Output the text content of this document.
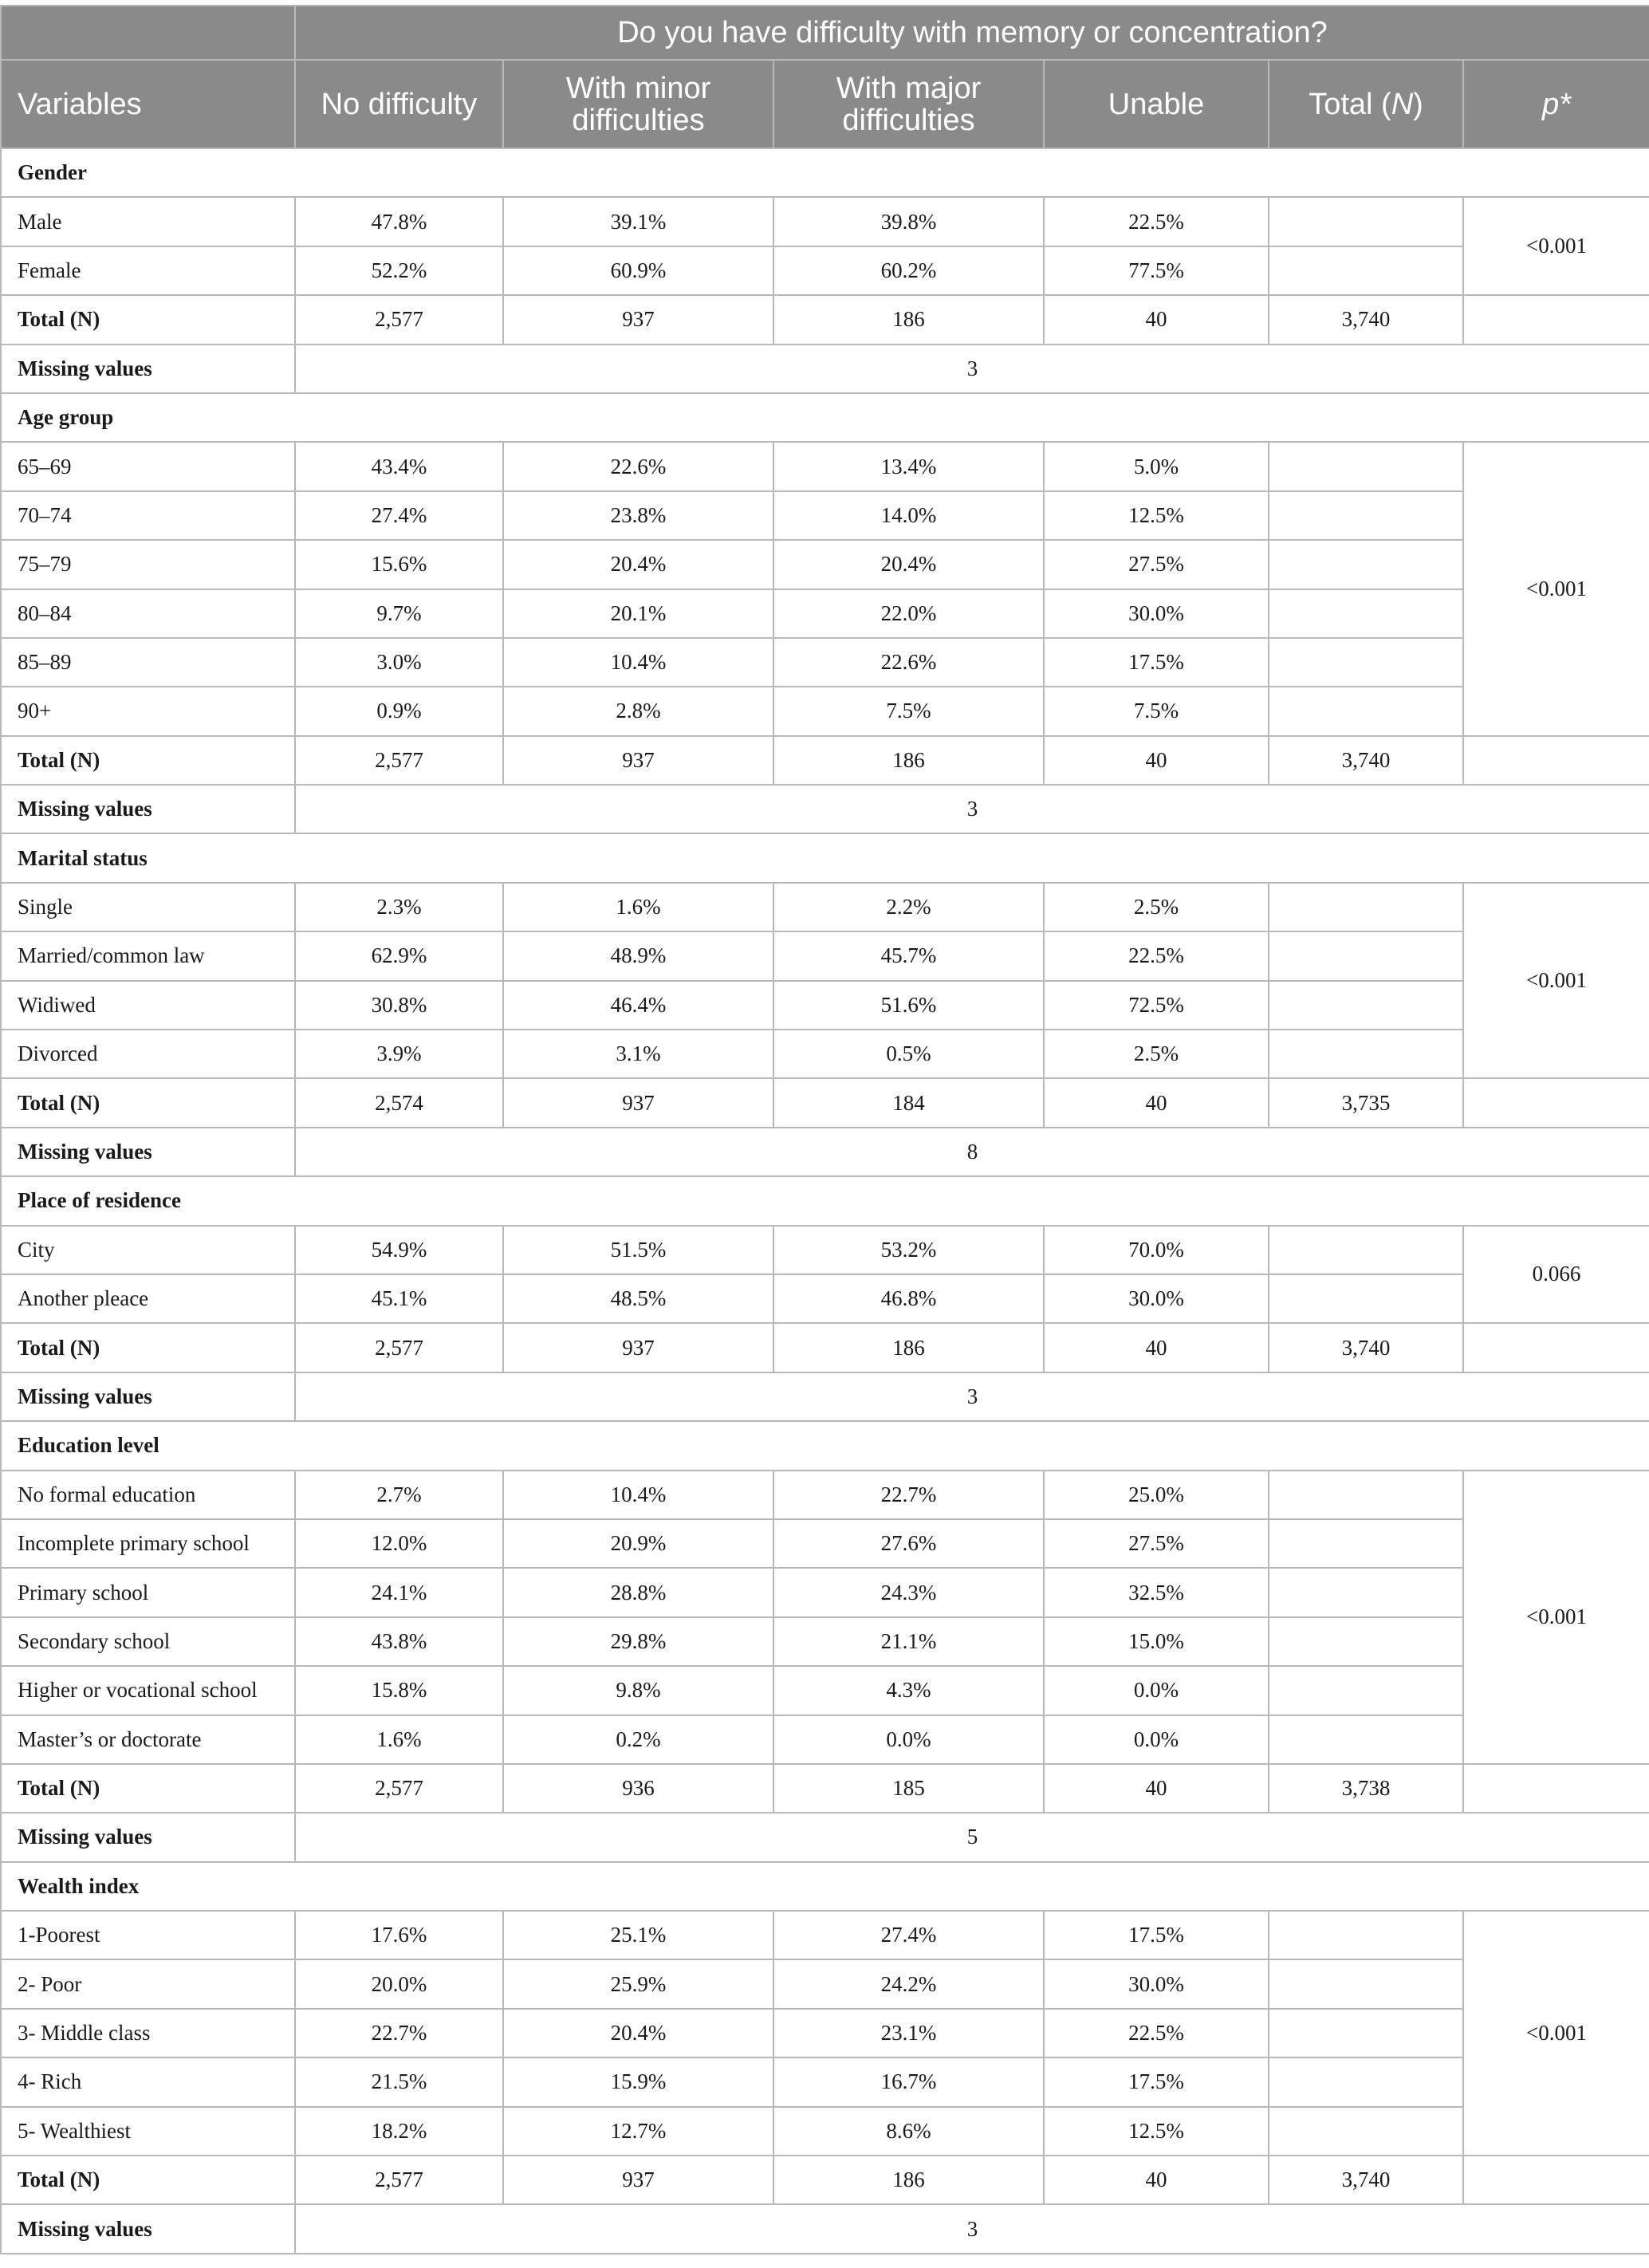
	Do you have difficulty with memory or concentration?					
Variables	No difficulty	With minor difficulties	With major difficulties	Unable	Total (N)	p*
Gender						
Male	47.8%	39.1%	39.8%	22.5%		<0.001
Female	52.2%	60.9%	60.2%	77.5%		
Total (N)	2,577	937	186	40	3,740	
Missing values	3					
Age group						
65–69	43.4%	22.6%	13.4%	5.0%		<0.001
70–74	27.4%	23.8%	14.0%	12.5%		
75–79	15.6%	20.4%	20.4%	27.5%		
80–84	9.7%	20.1%	22.0%	30.0%		
85–89	3.0%	10.4%	22.6%	17.5%		
90+	0.9%	2.8%	7.5%	7.5%		
Total (N)	2,577	937	186	40	3,740	
Missing values	3					
Marital status						
Single	2.3%	1.6%	2.2%	2.5%		<0.001
Married/common law	62.9%	48.9%	45.7%	22.5%		
Widiwed	30.8%	46.4%	51.6%	72.5%		
Divorced	3.9%	3.1%	0.5%	2.5%		
Total (N)	2,574	937	184	40	3,735	
Missing values	8					
Place of residence						
City	54.9%	51.5%	53.2%	70.0%		0.066
Another pleace	45.1%	48.5%	46.8%	30.0%		
Total (N)	2,577	937	186	40	3,740	
Missing values	3					
Education level						
No formal education	2.7%	10.4%	22.7%	25.0%		<0.001
Incomplete primary school	12.0%	20.9%	27.6%	27.5%		
Primary school	24.1%	28.8%	24.3%	32.5%		
Secondary school	43.8%	29.8%	21.1%	15.0%		
Higher or vocational school	15.8%	9.8%	4.3%	0.0%		
Master’s or doctorate	1.6%	0.2%	0.0%	0.0%		
Total (N)	2,577	936	185	40	3,738	
Missing values	5					
Wealth index						
1-Poorest	17.6%	25.1%	27.4%	17.5%		<0.001
2- Poor	20.0%	25.9%	24.2%	30.0%		
3- Middle class	22.7%	20.4%	23.1%	22.5%		
4- Rich	21.5%	15.9%	16.7%	17.5%		
5- Wealthiest	18.2%	12.7%	8.6%	12.5%		
Total (N)	2,577	937	186	40	3,740	
Missing values	3					
